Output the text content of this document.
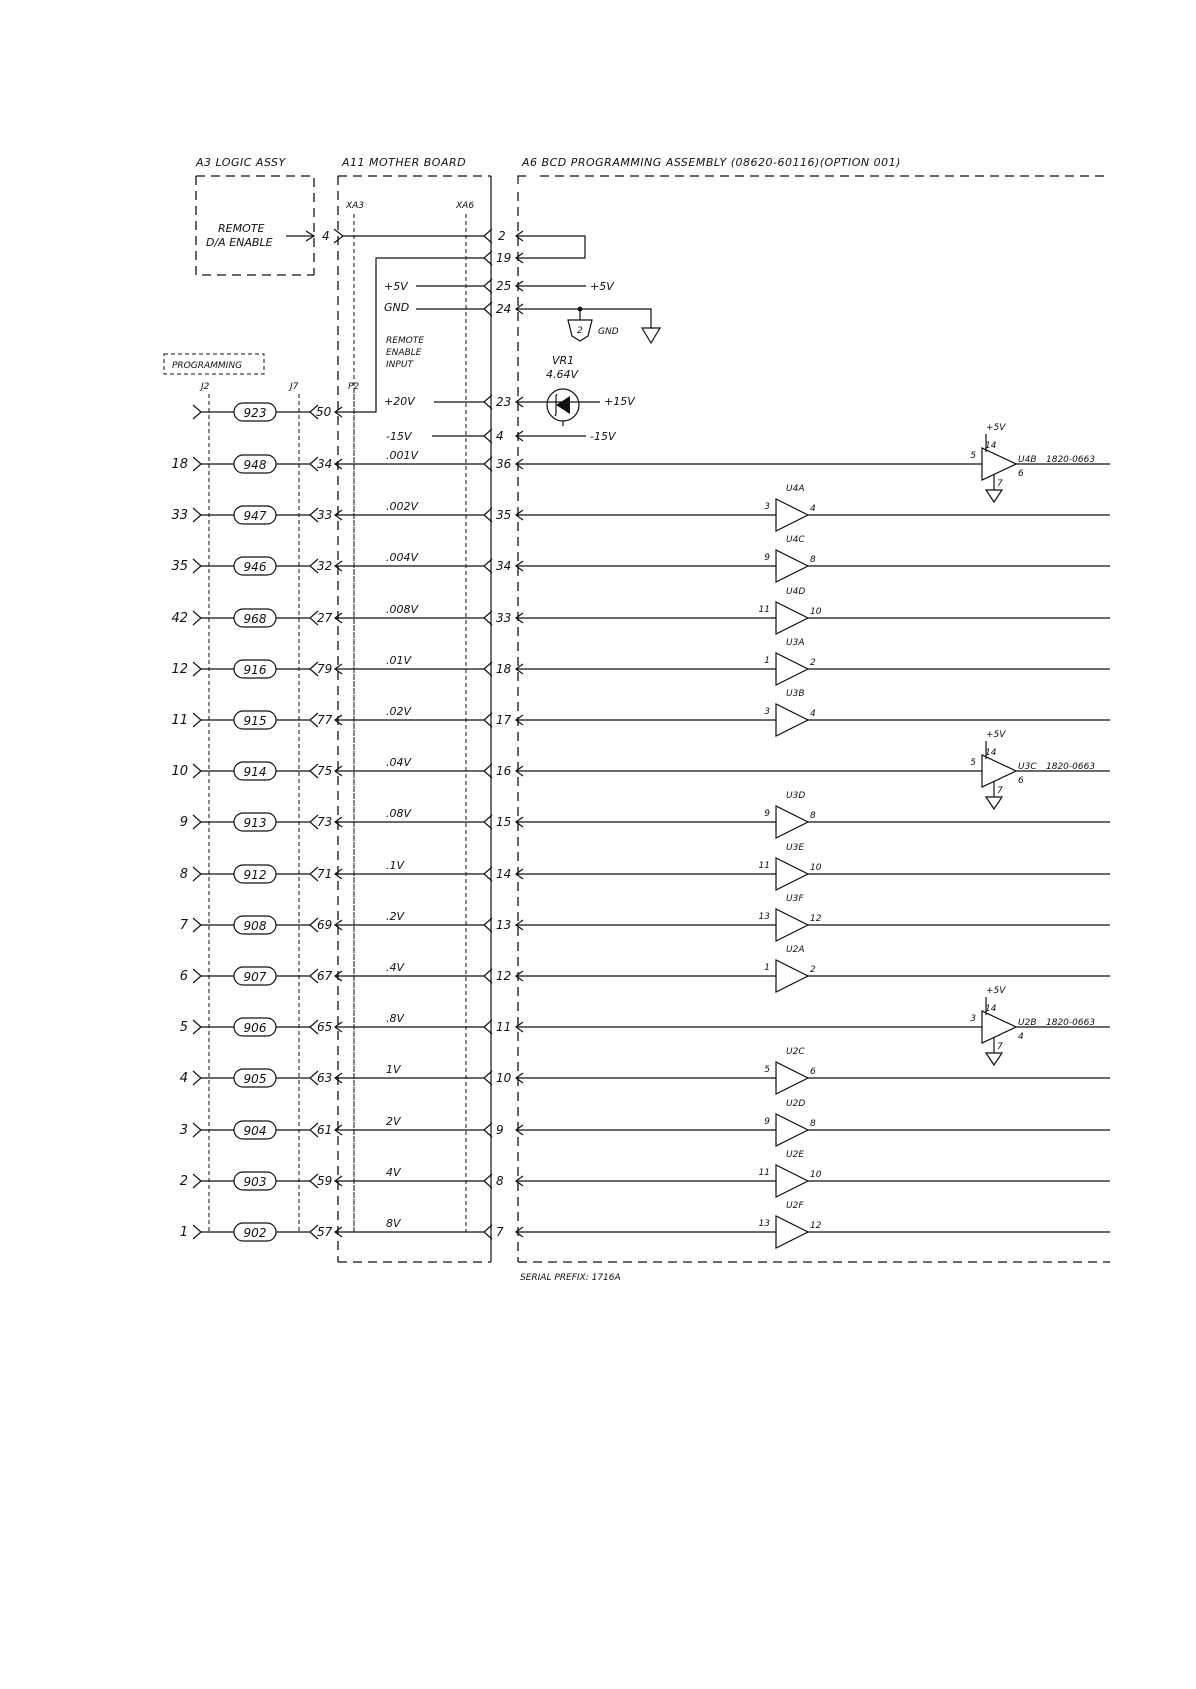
A3 LOGIC ASSY	A11 MOTHER BOARD	A6 BCD PROGRAMMING ASSEMBLY (08620-60116)(OPTION 001)
REMOTE
D/A ENABLE	4
XA3	XA6
2
19
+5V	25	+5V
GND	24
2 GND
REMOTE
ENABLE
INPUT	VR1
4.64V
+20V	23	+15V
-15V	4	-15V
PROGRAMMING
J2	J7	P2
923	50
18	948	34
.001V
36
5
6
+5V
14
7
U4B 1820-0663
33	947	33
.002V
35
3	4
U4A
35	946	32
.004V
34
9	8
U4C
42	968	27
.008V
33
11	10
U4D
12	916	79
.01V
18
1	2
U3A
11	915	77
.02V
17
3	4
U3B
10	914	75
.04V
16
5
6
+5V
14
7
U3C 1820-0663
9	913	73
.08V
15
9	8
U3D
8	912	71
.1V
14
11	10
U3E
7	908	69
.2V
13
13	12
U3F
6	907	67
.4V
12
1	2
U2A
5	906	65
.8V
11
3
4
+5V
14
7
U2B 1820-0663
4	905	63
1V
10
5	6
U2C
3	904	61
2V
9
9	8
U2D
2	903	59
4V
8
11	10
U2E
1	902	57
8V
7
13	12
U2F
SERIAL PREFIX: 1716A
